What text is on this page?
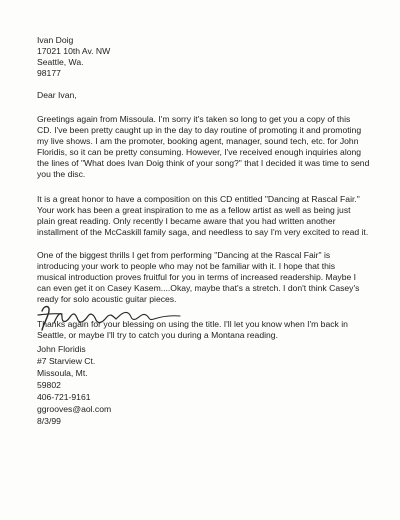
Ivan Doig

17021 10th Av. NW

Seattle, Wa.

98177

Dear Ivan,

Greetings again from Missoula. I'm sorry it's taken so long to get you a copy of this

CD. I've been pretty caught up in the day to day routine of promoting it and promoting

my live shows. I am the promoter, booking agent, manager, sound tech, etc. for John

Floridis, so it can be pretty consuming. However, I've received enough inquiries along

the lines of "What does Ivan Doig think of your song?" that I decided it was time to send

you the disc.

It is a great honor to have a composition on this CD entitled "Dancing at Rascal Fair."

Your work has been a great inspiration to me as a fellow artist as well as being just

plain great reading. Only recently I became aware that you had written another

installment of the McCaskill family saga, and needless to say I'm very excited to read it.

One of the biggest thrills I get from performing "Dancing at the Rascal Fair" is

introducing your work to people who may not be familiar with it. I hope that this

musical introduction proves fruitful for you in terms of increased readership. Maybe I

can even get it on Casey Kasem....Okay, maybe that's a stretch. I don't think Casey's

ready for solo acoustic guitar pieces.

Thanks again for your blessing on using the title. I'll let you know when I'm back in

Seattle, or maybe I'll try to catch you during a Montana reading.

John Floridis

#7 Starview Ct.

Missoula, Mt.

59802

406-721-9161

ggrooves@aol.com

8/3/99
